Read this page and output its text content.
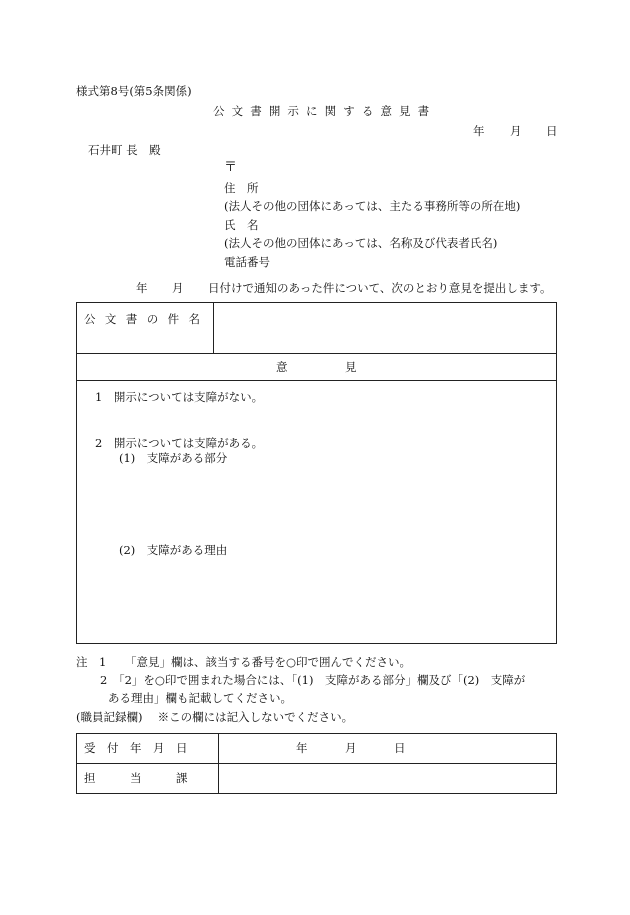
様式第8号(第5条関係)
公 文 書 開 示 に 関 す る 意 見 書
年 月 日
石井町 長　殿
〒
住　所
(法人その他の団体にあっては、主たる事務所等の所在地)
氏　名
(法人その他の団体にあっては、名称及び代表者氏名)
電話番号
年 月 日付けで通知のあった件について、次のとおり意見を提出します。
公 文 書 の 件 名
意　　　　　見
1　開示については支障がない。
2　開示については支障がある。
(1)　支障がある部分
(2)　支障がある理由
注　1 「意見」欄は、該当する番号を○印で囲んでください。
2　「2」を○印で囲まれた場合には、「(1)　支障がある部分」欄及び「(2)　支障が
ある理由」欄も記載してください。
(職員記録欄)　 ※この欄には記入しないでください。
受　付　年　月　日	年	月	日
担　　　当　　　課
